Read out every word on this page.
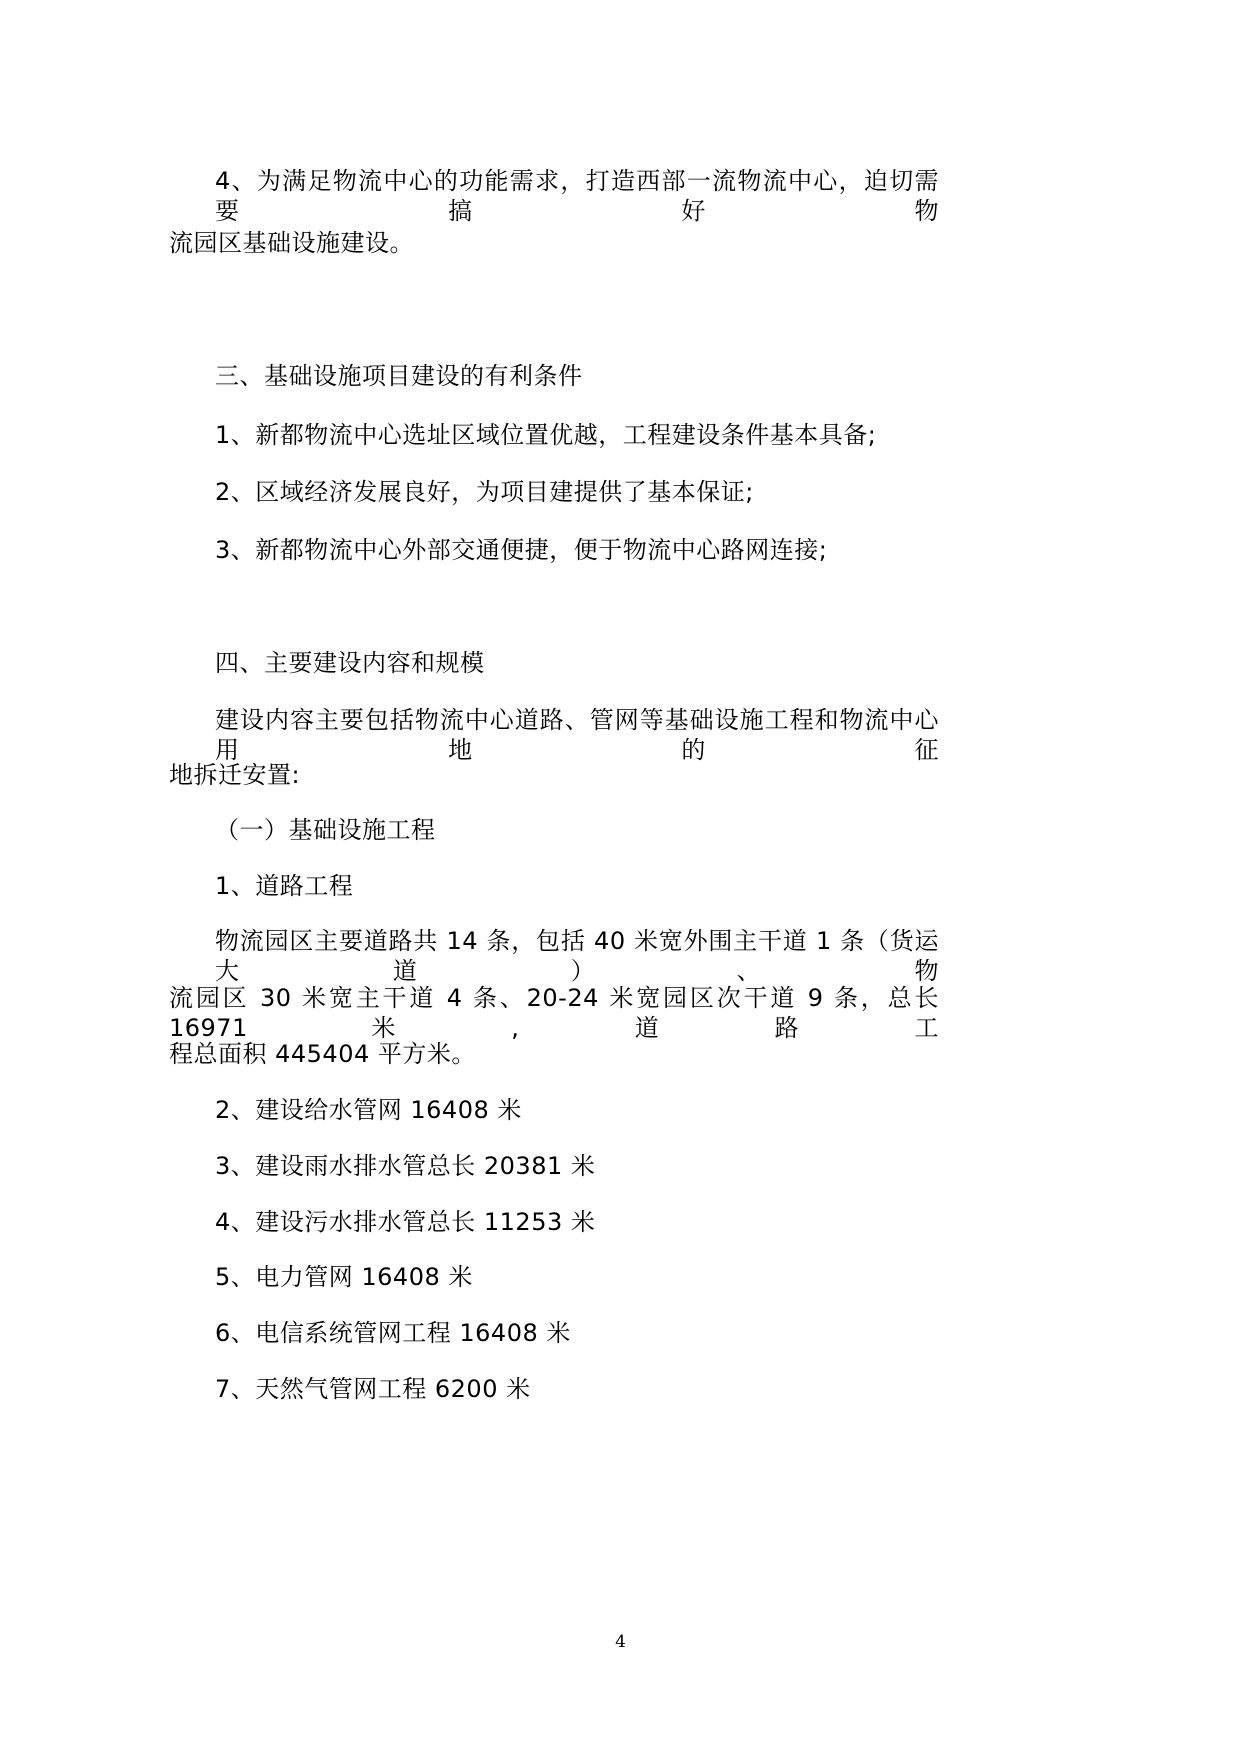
4、为满足物流中心的功能需求，打造西部一流物流中心，迫切需要搞好物

流园区基础设施建设。

三、基础设施项目建设的有利条件

1、新都物流中心选址区域位置优越，工程建设条件基本具备;

2、区域经济发展良好，为项目建提供了基本保证;

3、新都物流中心外部交通便捷，便于物流中心路网连接;

四、主要建设内容和规模

建设内容主要包括物流中心道路、管网等基础设施工程和物流中心用地的征

地拆迁安置:

（一）基础设施工程

1、道路工程

物流园区主要道路共 14 条，包括 40 米宽外围主干道 1 条（货运大道）、物

流园区 30 米宽主干道 4 条、20-24 米宽园区次干道 9 条，总长 16971 米,道路工

程总面积 445404 平方米。

2、建设给水管网 16408 米

3、建设雨水排水管总长 20381 米

4、建设污水排水管总长 11253 米

5、电力管网 16408 米

6、电信系统管网工程 16408 米

7、天然气管网工程 6200 米

4
